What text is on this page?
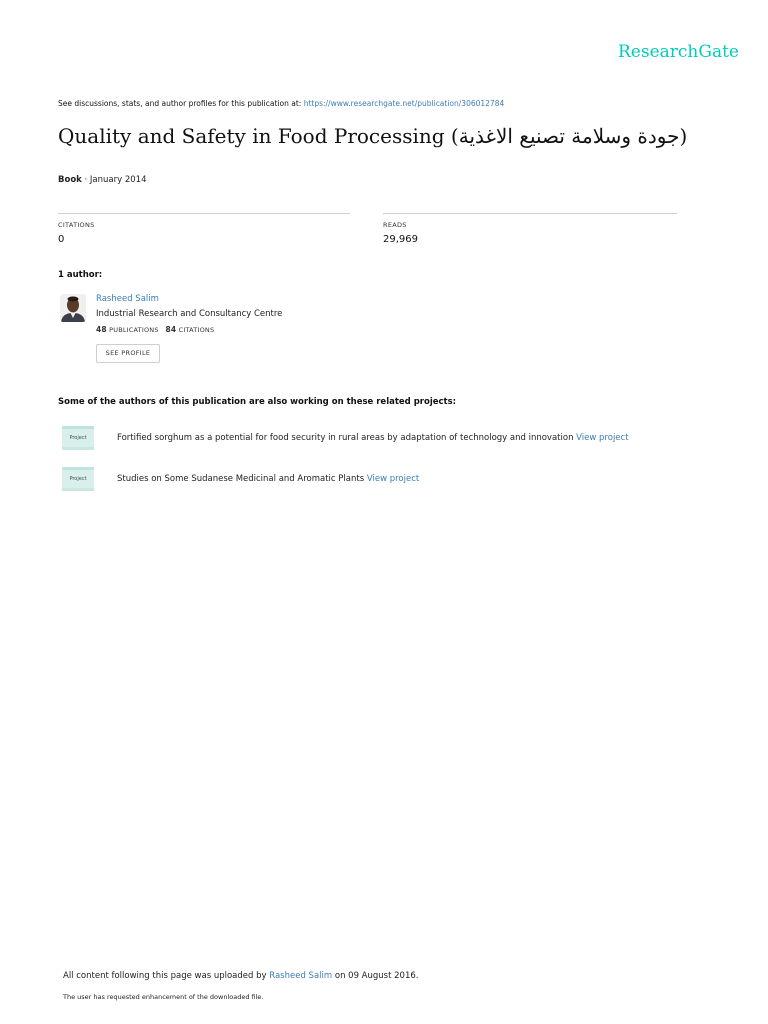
ResearchGate
See discussions, stats, and author profiles for this publication at: https://www.researchgate.net/publication/306012784
Quality and Safety in Food Processing (جودة وسلامة تصنيع الاغذية)
Book · January 2014
CITATIONS
0
READS
29,969
1 author:
Rasheed Salim
Industrial Research and Consultancy Centre
48 PUBLICATIONS 84 CITATIONS
SEE PROFILE
Some of the authors of this publication are also working on these related projects:
Project	Fortified sorghum as a potential for food security in rural areas by adaptation of technology and innovation View project
Project	Studies on Some Sudanese Medicinal and Aromatic Plants View project
All content following this page was uploaded by Rasheed Salim on 09 August 2016.
The user has requested enhancement of the downloaded file.
